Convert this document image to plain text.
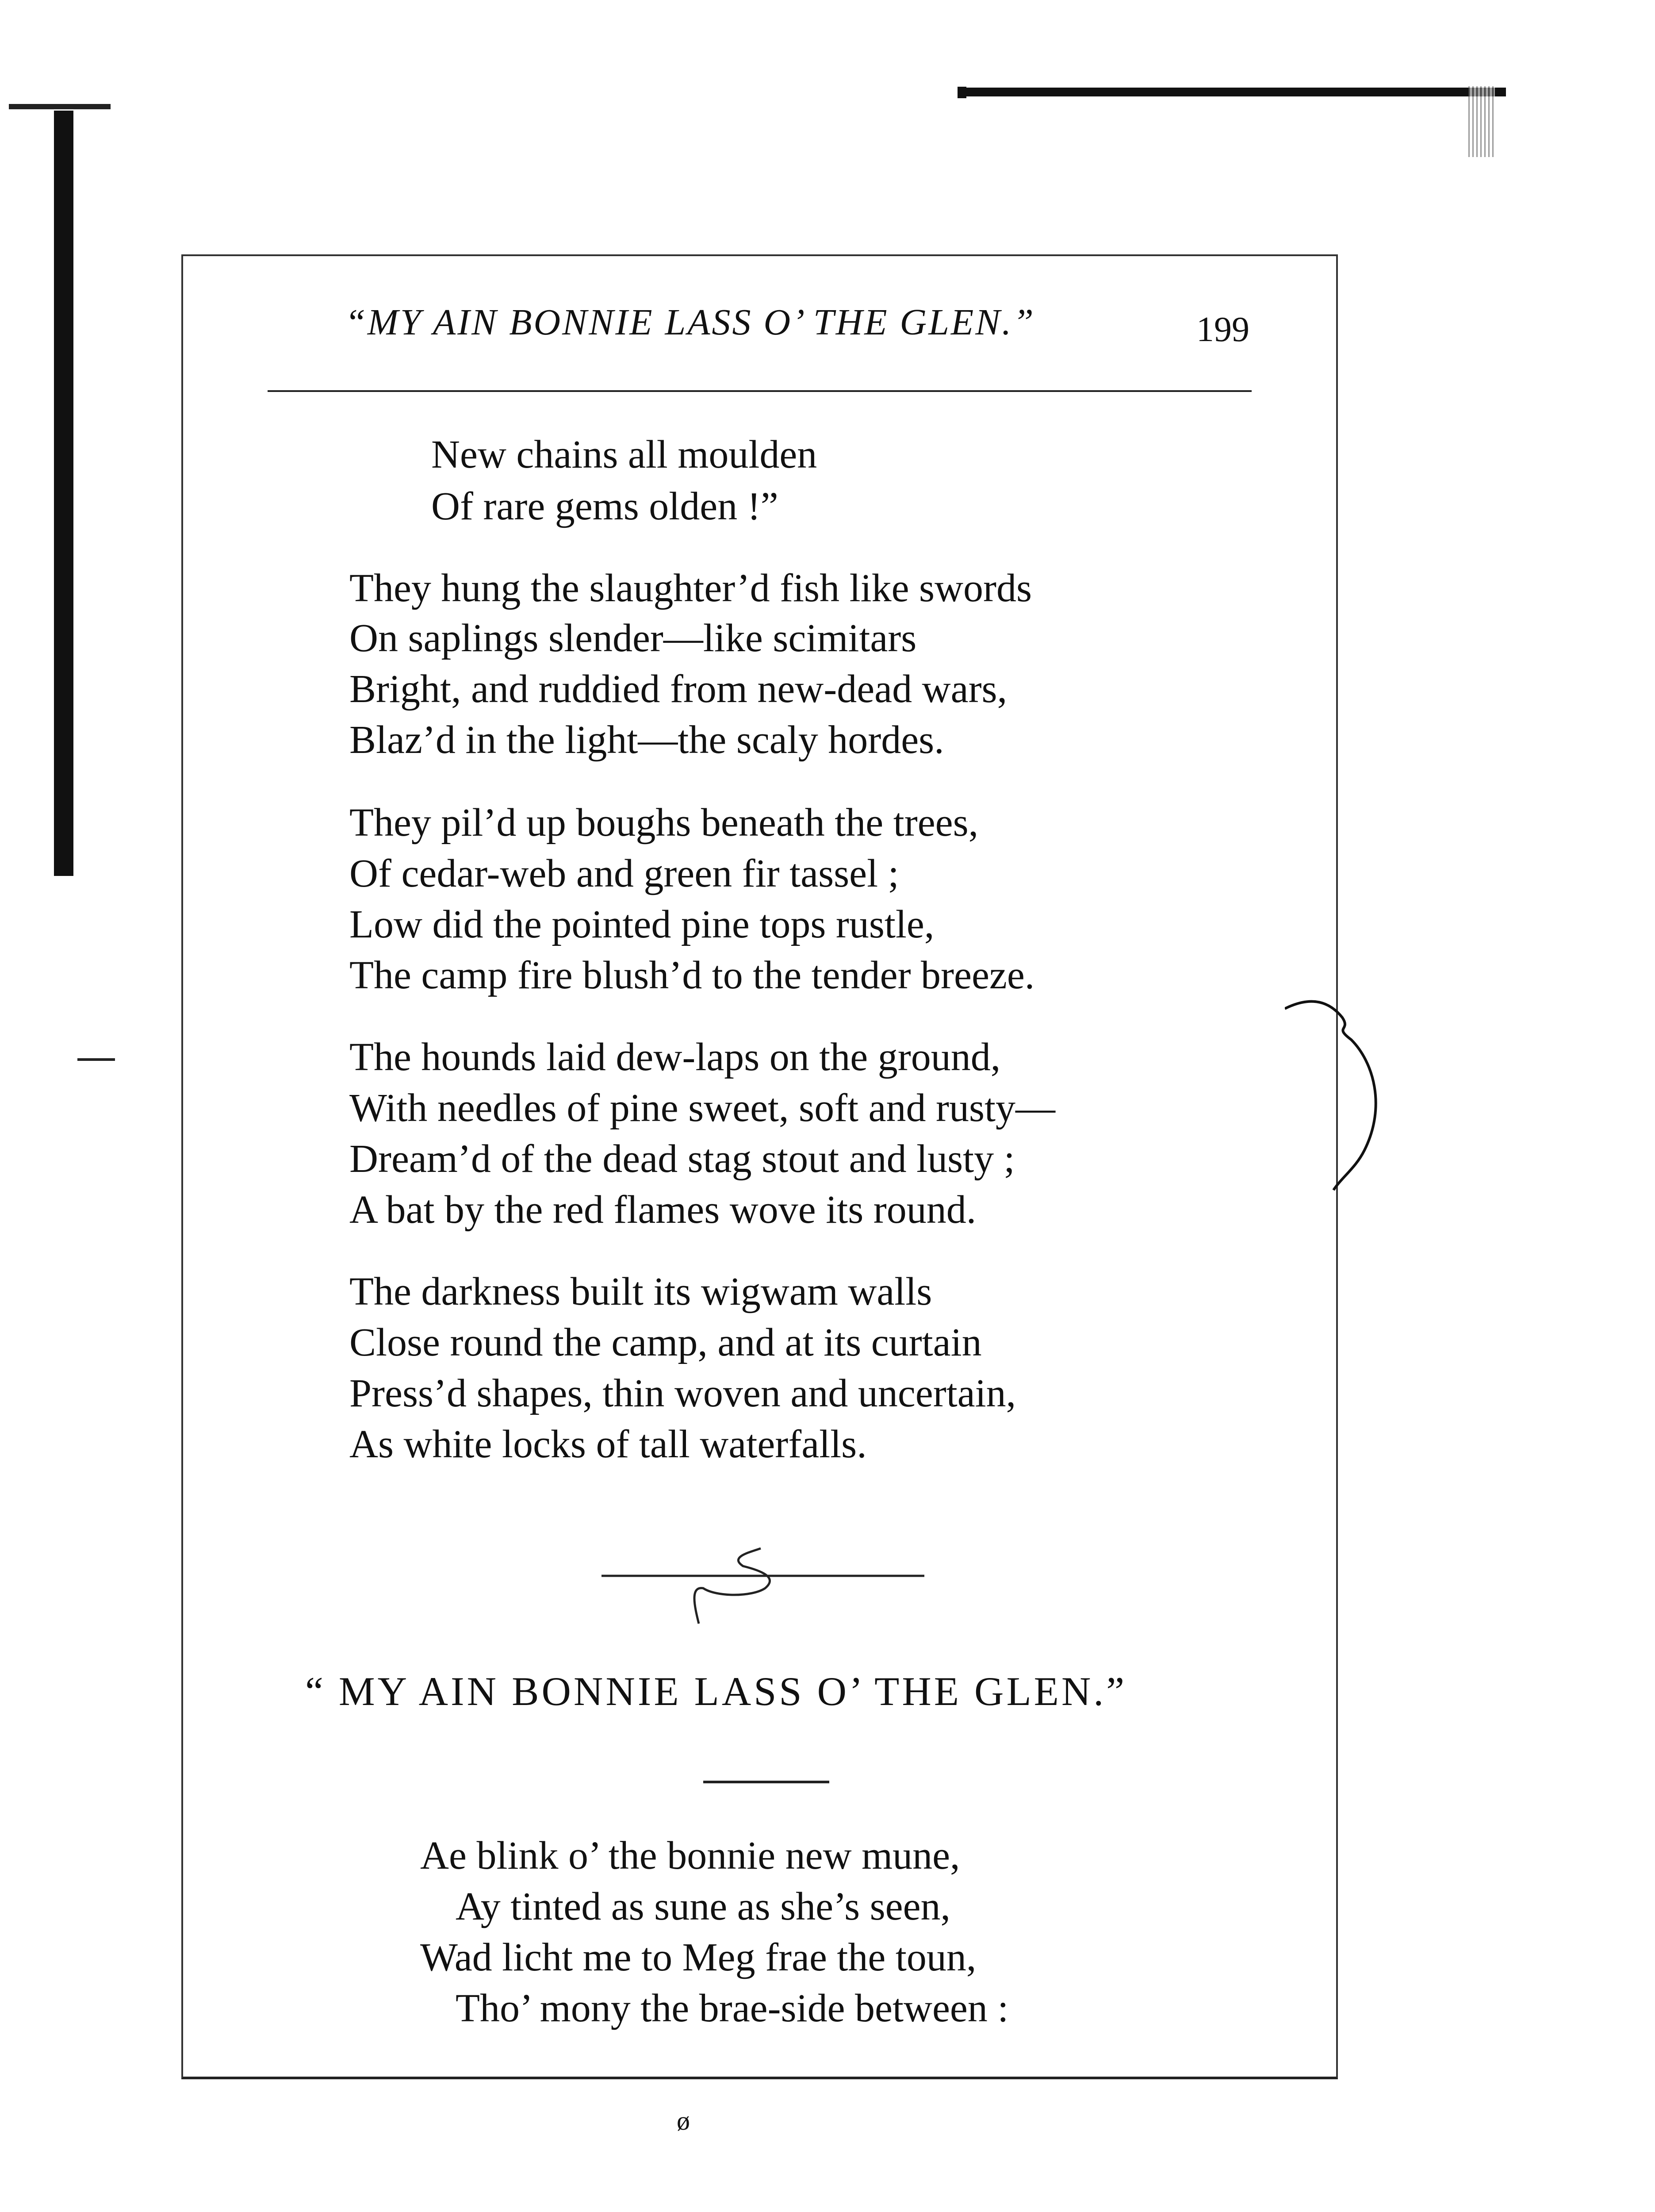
“MY AIN BONNIE LASS O’ THE GLEN.”	199
New chains all moulden
Of rare gems olden !”
They hung the slaughter’d fish like swords
On saplings slender—like scimitars
Bright, and ruddied from new-dead wars,
Blaz’d in the light—the scaly hordes.
They pil’d up boughs beneath the trees,
Of cedar-web and green fir tassel ;
Low did the pointed pine tops rustle,
The camp fire blush’d to the tender breeze.
The hounds laid dew-laps on the ground,
With needles of pine sweet, soft and rusty—
Dream’d of the dead stag stout and lusty ;
A bat by the red flames wove its round.
The darkness built its wigwam walls
Close round the camp, and at its curtain
Press’d shapes, thin woven and uncertain,
As white locks of tall waterfalls.
“ MY AIN BONNIE LASS O’ THE GLEN.”
Ae blink o’ the bonnie new mune,
Ay tinted as sune as she’s seen,
Wad licht me to Meg frae the toun,
Tho’ mony the brae-side between :
ø
